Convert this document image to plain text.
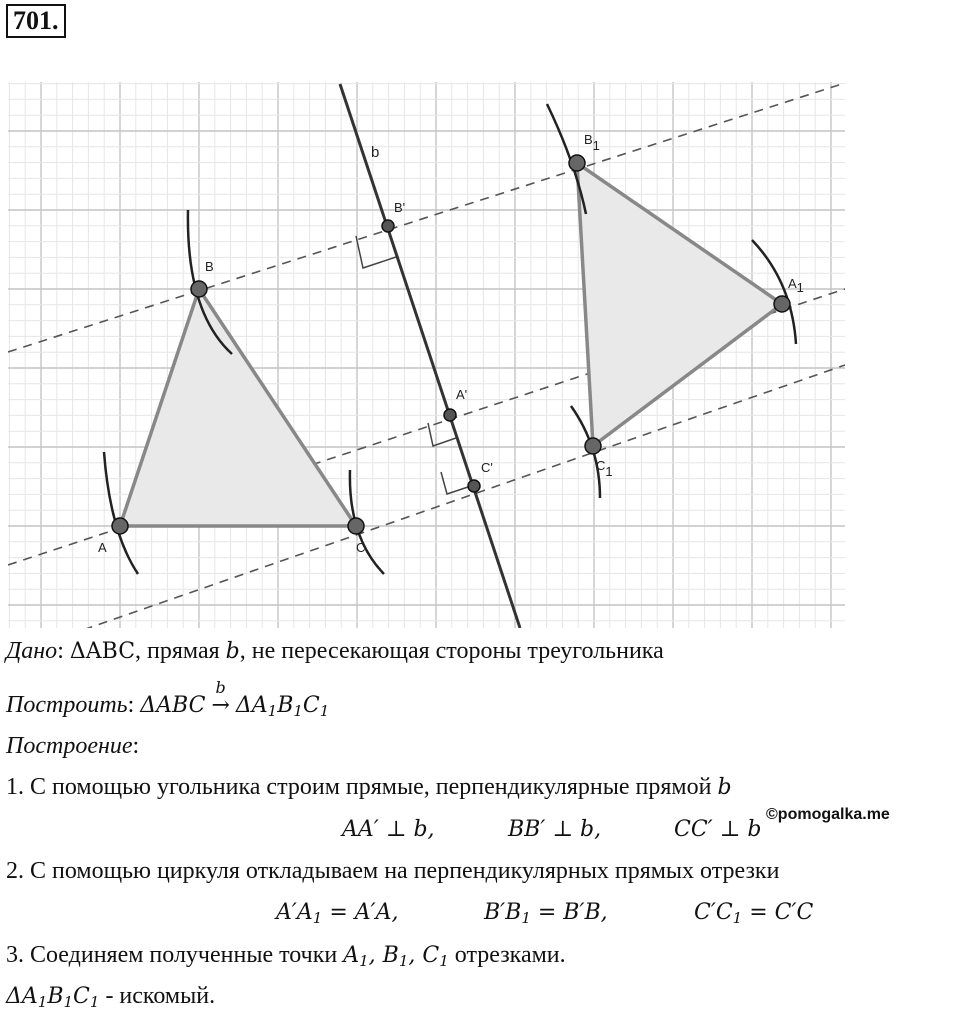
701.
b
A
B
C
B'
A'
C'
A1
B1
C1
Дано: ΔABC, прямая b, не пересекающая стороны треугольника
Построить: ΔABC
b
→ $\Delta A_1B_1C_1$
Построение:
1. С помощью угольника строим прямые, перпендикулярные прямой b
AA′ ⊥ b,	BB′ ⊥ b,	CC′ ⊥ b
©pomogalka.me
2. С помощью циркуля откладываем на перпендикулярных прямых отрезки
$A'A_1 = A'A$,	$B'B_1 = B'B$,	$C'C_1 = C'C$
3. Соединяем полученные точки $A_1$, $B_1$, $C_1$ отрезками.
$\Delta A_1B_1C_1$ - искомый.
